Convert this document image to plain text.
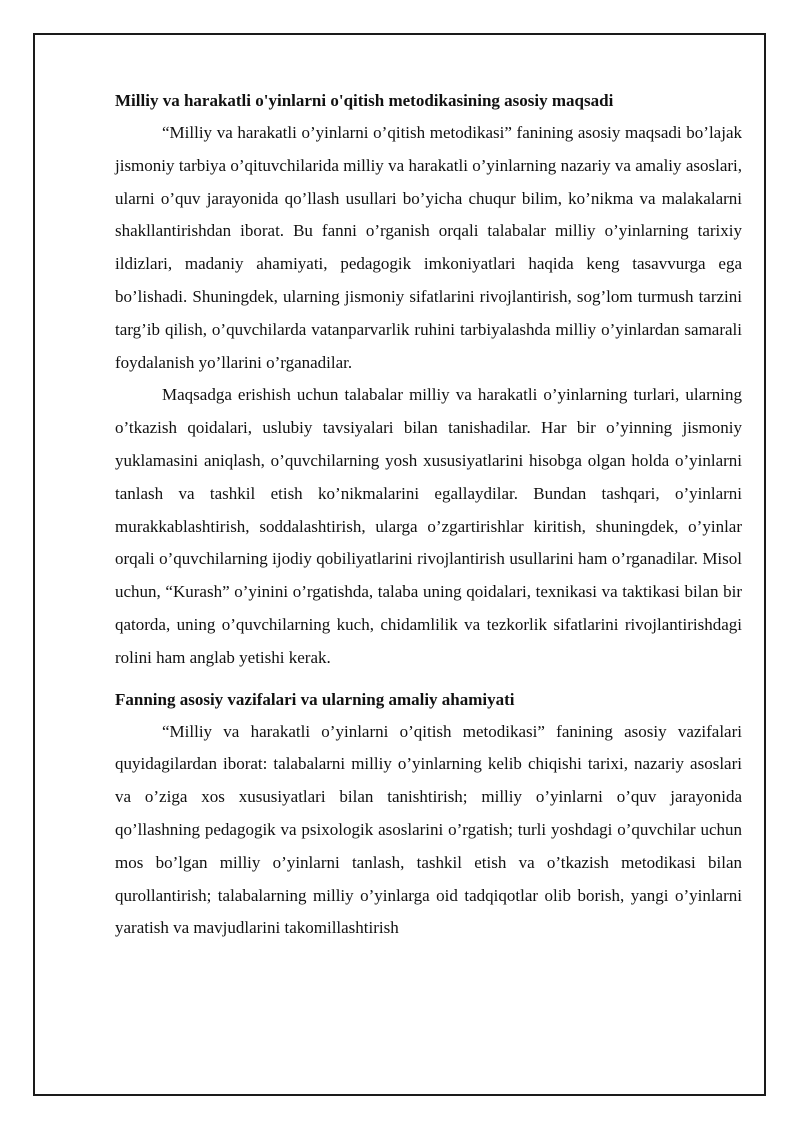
Milliy va harakatli o'yinlarni o'qitish metodikasining asosiy maqsadi

“Milliy va harakatli o’yinlarni o’qitish metodikasi” fanining asosiy maqsadi bo’lajak jismoniy tarbiya o’qituvchilarida milliy va harakatli o’yinlarning nazariy va amaliy asoslari, ularni o’quv jarayonida qo’llash usullari bo’yicha chuqur bilim, ko’nikma va malakalarni shakllantirishdan iborat. Bu fanni o’rganish orqali talabalar milliy o’yinlarning tarixiy ildizlari, madaniy ahamiyati, pedagogik imkoniyatlari haqida keng tasavvurga ega bo’lishadi. Shuningdek, ularning jismoniy sifatlarini rivojlantirish, sog’lom turmush tarzini targ’ib qilish, o’quvchilarda vatanparvarlik ruhini tarbiyalashda milliy o’yinlardan samarali foydalanish yo’llarini o’rganadilar.

Maqsadga erishish uchun talabalar milliy va harakatli o’yinlarning turlari, ularning o’tkazish qoidalari, uslubiy tavsiyalari bilan tanishadilar. Har bir o’yinning jismoniy yuklamasini aniqlash, o’quvchilarning yosh xususiyatlarini hisobga olgan holda o’yinlarni tanlash va tashkil etish ko’nikmalarini egallaydilar. Bundan tashqari, o’yinlarni murakkablashtirish, soddalashtirish, ularga o’zgartirishlar kiritish, shuningdek, o’yinlar orqali o’quvchilarning ijodiy qobiliyatlarini rivojlantirish usullarini ham o’rganadilar. Misol uchun, “Kurash” o’yinini o’rgatishda, talaba uning qoidalari, texnikasi va taktikasi bilan bir qatorda, uning o’quvchilarning kuch, chidamlilik va tezkorlik sifatlarini rivojlantirishdagi rolini ham anglab yetishi kerak.

Fanning asosiy vazifalari va ularning amaliy ahamiyati

“Milliy va harakatli o’yinlarni o’qitish metodikasi” fanining asosiy vazifalari quyidagilardan iborat: talabalarni milliy o’yinlarning kelib chiqishi tarixi, nazariy asoslari va o’ziga xos xususiyatlari bilan tanishtirish; milliy o’yinlarni o’quv jarayonida qo’llashning pedagogik va psixologik asoslarini o’rgatish; turli yoshdagi o’quvchilar uchun mos bo’lgan milliy o’yinlarni tanlash, tashkil etish va o’tkazish metodikasi bilan qurollantirish; talabalarning milliy o’yinlarga oid tadqiqotlar olib borish, yangi o’yinlarni yaratish va mavjudlarini takomillashtirish
